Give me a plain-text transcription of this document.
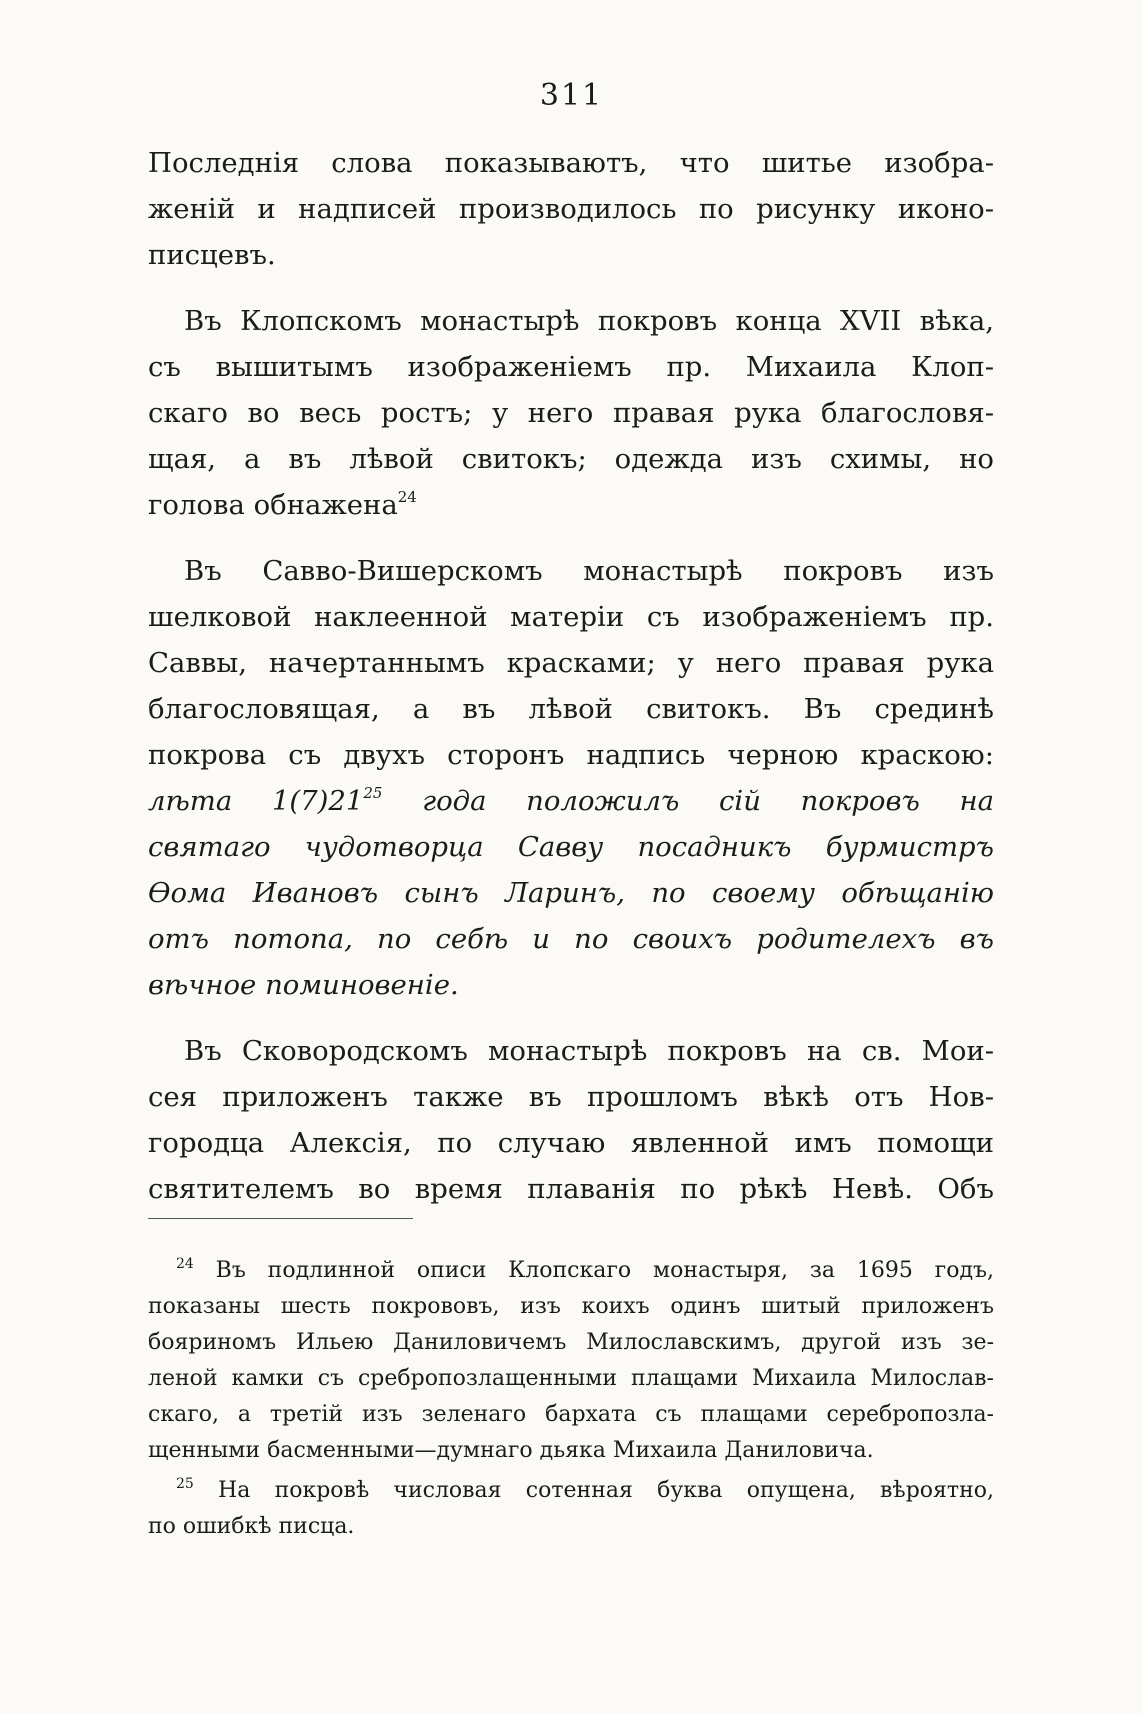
311
Последнія слова показываютъ, что шитье изобра-
женій и надписей производилось по рисунку иконо-
писцевъ.
Въ Клопскомъ монастырѣ покровъ конца XVII вѣка,
съ вышитымъ изображеніемъ пр. Михаила Клоп-
скаго во весь ростъ; у него правая рука благословя-
щая, а въ лѣвой свитокъ; одежда изъ схимы, но
голова обнажена$^{24}$
Въ Савво-Вишерскомъ монастырѣ покровъ изъ
шелковой наклеенной матеріи съ изображеніемъ пр.
Саввы, начертаннымъ красками; у него правая рука
благословящая, а въ лѣвой свитокъ. Въ срединѣ
покрова съ двухъ сторонъ надпись черною краскою:
лѣта $1(7)21^{25}$ года положилъ сій покровъ на
святаго чудотворца Савву посадникъ бурмистръ
Ѳома Ивановъ сынъ Ларинъ, по своему обѣщанію
отъ потопа, по себѣ и по своихъ родителехъ въ
вѣчное поминовеніе.
Въ Сковородскомъ монастырѣ покровъ на св. Мои-
сея приложенъ также въ прошломъ вѣкѣ отъ Нов-
городца Алексія, по случаю явленной имъ помощи
святителемъ во время плаванія по рѣкѣ Невѣ. Объ
$^{24}$ Въ подлинной описи Клопскаго монастыря, за 1695 годъ,
показаны шесть покрововъ, изъ коихъ одинъ шитый приложенъ
бояриномъ Ильею Даниловичемъ Милославскимъ, другой изъ зе-
леной камки съ сребропозлащенными плащами Михаила Милослав-
скаго, а третій изъ зеленаго бархата съ плащами серебропозла-
щенными басменными—думнаго дьяка Михаила Даниловича.
$^{25}$ На покровѣ числовая сотенная буква опущена, вѣроятно,
по ошибкѣ писца.
